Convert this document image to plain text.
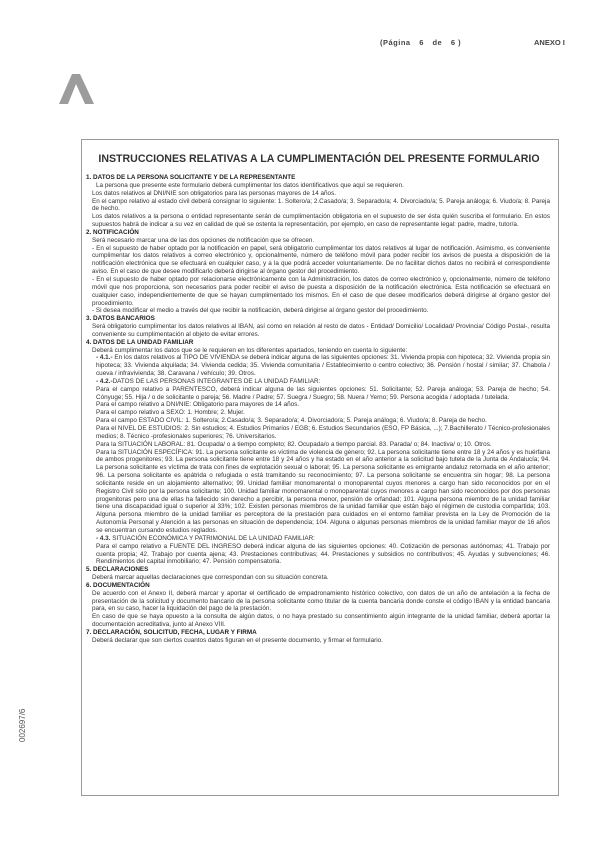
(Página 6 de 6 )	ANEXO I
002697/6
INSTRUCCIONES RELATIVAS A LA CUMPLIMENTACIÓN DEL PRESENTE FORMULARIO
1. DATOS DE LA PERSONA SOLICITANTE Y DE LA REPRESENTANTE
La persona que presente este formulario deberá cumplimentar los datos identificativos que aquí se requieren.
Los datos relativos al DNI/NIE son obligatorios para las personas mayores de 14 años.
En el campo relativo al estado civil deberá consignar lo siguiente: 1. Soltero/a; 2.Casado/a; 3. Separado/a; 4. Divorciado/a; 5. Pareja análoga; 6. Viudo/a; 8. Pareja de hecho.
Los datos relativos a la persona o entidad representante serán de cumplimentación obligatoria en el supuesto de ser ésta quién suscriba el formulario. En estos supuestos habrá de indicar a su vez en calidad de qué se ostenta la representación, por ejemplo, en caso de representante legal: padre, madre, tutor/a.
2. NOTIFICACIÓN
Será necesario marcar una de las dos opciones de notificación que se ofrecen.
- En el supuesto de haber optado por la notificación en papel, será obligatorio cumplimentar los datos relativos al lugar de notificación. Asimismo, es conveniente cumplimentar los datos relativos a correo electrónico y, opcionalmente, número de teléfono móvil para poder recibir los avisos de puesta a disposición de la notificación electrónica que se efectuará en cualquier caso, y a la que podrá acceder voluntariamente. De no facilitar dichos datos no recibirá el correspondiente aviso. En el caso de que desee modificarlo deberá dirigirse al órgano gestor del procedimiento.
- En el supuesto de haber optado por relacionarse electrónicamente con la Administración, los datos de correo electrónico y, opcionalmente, número de teléfono móvil que nos proporciona, son necesarios para poder recibir el aviso de puesta a disposición de la notificación electrónica. Esta notificación se efectuará en cualquier caso, independientemente de que se hayan cumplimentado los mismos. En el caso de que desee modificarlos deberá dirigirse al órgano gestor del procedimiento.
- Si desea modificar el medio a través del que recibir la notificación, deberá dirigirse al órgano gestor del procedimiento.
3. DATOS BANCARIOS
Será obligatorio cumplimentar los datos relativos al IBAN, así como en relación al resto de datos - Entidad/ Domicilio/ Localidad/ Provincia/ Código Postal-, resulta conveniente su cumplimentación al objeto de evitar errores.
4. DATOS DE LA UNIDAD FAMILIAR
Deberá cumplimentar los datos que se le requieren en los diferentes apartados, teniendo en cuenta lo siguiente:
- 4.1.- En los datos relativos al TIPO DE VIVIENDA se deberá indicar alguna de las siguientes opciones: 31. Vivienda propia con hipoteca; 32. Vivienda propia sin hipoteca; 33. Vivienda alquilada; 34. Vivienda cedida; 35. Vivienda comunitaria / Establecimiento o centro colectivo; 36. Pensión / hostal / similar; 37. Chabola / cueva / infravivienda; 38. Caravana / vehículo; 39. Otros.
- 4.2.-DATOS DE LAS PERSONAS INTEGRANTES DE LA UNIDAD FAMILIAR:
Para el campo relativo a PARENTESCO, deberá indicar alguna de las siguientes opciones: 51. Solicitante; 52. Pareja análoga; 53. Pareja de hecho; 54. Cónyuge; 55. Hija / o de solicitante o pareja; 56. Madre / Padre; 57. Suegra / Suegro; 58. Nuera / Yerno; 59. Persona acogida / adoptada / tutelada.
Para el campo relativo a DNI/NIE: Obligatorio para mayores de 14 años.
Para el campo relativo a SEXO: 1. Hombre; 2. Mujer.
Para el campo ESTADO CIVIL: 1. Soltero/a; 2.Casado/a; 3. Separado/a; 4. Divorciado/a; 5. Pareja análoga; 6. Viudo/a; 8. Pareja de hecho.
Para el NIVEL DE ESTUDIOS: 2. Sin estudios; 4. Estudios Primarios / EGB; 6. Estudios Secundarios (ESO, FP Básica, ...); 7.Bachillerato / Técnico-profesionales medios; 8. Técnico -profesionales superiores; 76. Universitarios.
Para la SITUACIÓN LABORAL: 81. Ocupada/ o a tiempo completo; 82. Ocupada/o a tiempo parcial. 83. Parada/ o; 84. Inactiva/ o; 10. Otros.
Para la SITUACIÓN ESPECÍFICA: 91. La persona solicitante es víctima de violencia de género; 92. La persona solicitante tiene entre 18 y 24 años y es huérfana de ambos progenitores; 93. La persona solicitante tiene entre 18 y 24 años y ha estado en el año anterior a la solicitud bajo tutela de la Junta de Andalucía; 94. La persona solicitante es víctima de trata con fines de explotación sexual o laboral; 95. La persona solicitante es emigrante andaluz retornada en el año anterior; 96. La persona solicitante es apátrida o refugiada o está tramitando su reconocimiento; 97. La persona solicitante se encuentra sin hogar; 98. La persona solicitante reside en un alojamiento alternativo; 99. Unidad familiar monomarental o monoparental cuyos menores a cargo han sido reconocidos por en el Registro Civil sólo por la persona solicitante; 100. Unidad familiar monomarental o monoparental cuyos menores a cargo han sido reconocidos por dos personas progenitoras pero una de ellas ha fallecido sin derecho a percibir, la persona menor, pensión de orfandad; 101. Alguna persona miembro de la unidad familiar tiene una discapacidad igual o superior al 33%; 102. Existen personas miembros de la unidad familiar que están bajo el régimen de custodia compartida; 103. Alguna persona miembro de la unidad familiar es perceptora de la prestación para cuidados en el entorno familiar prevista en la Ley de Promoción de la Autonomía Personal y Atención a las personas en situación de dependencia; 104. Alguna o algunas personas miembros de la unidad familiar mayor de 16 años se encuentran cursando estudios reglados.
- 4.3. SITUACIÓN ECONÓMICA Y PATRIMONIAL DE LA UNIDAD FAMILIAR:
Para el campo relativo a FUENTE DEL INGRESO deberá indicar alguna de las siguientes opciones: 40. Cotización de personas autónomas; 41. Trabajo por cuenta propia; 42. Trabajo por cuenta ajena; 43. Prestaciones contributivas; 44. Prestaciones y subsidios no contributivos; 45. Ayudas y subvenciones; 46. Rendimientos del capital inmobiliario; 47. Pensión compensatoria.
5. DECLARACIONES
Deberá marcar aquellas declaraciones que correspondan con su situación concreta.
6. DOCUMENTACIÓN
De acuerdo con el Anexo II, deberá marcar y aportar el certificado de empadronamiento histórico colectivo, con datos de un año de antelación a la fecha de presentación de la solicitud y documento bancario de la persona solicitante como titular de la cuenta bancaria donde conste el código IBAN y la entidad bancaria para, en su caso, hacer la liquidación del pago de la prestación.
En caso de que se haya opuesto a la consulta de algún datos, o no haya prestado su consentimiento algún integrante de la unidad familiar, deberá aportar la documentación acreditativa, junto al Anexo VIII.
7. DECLARACIÓN, SOLICITUD, FECHA, LUGAR Y FIRMA
Deberá declarar que son ciertos cuantos datos figuran en el presente documento, y firmar el formulario.
